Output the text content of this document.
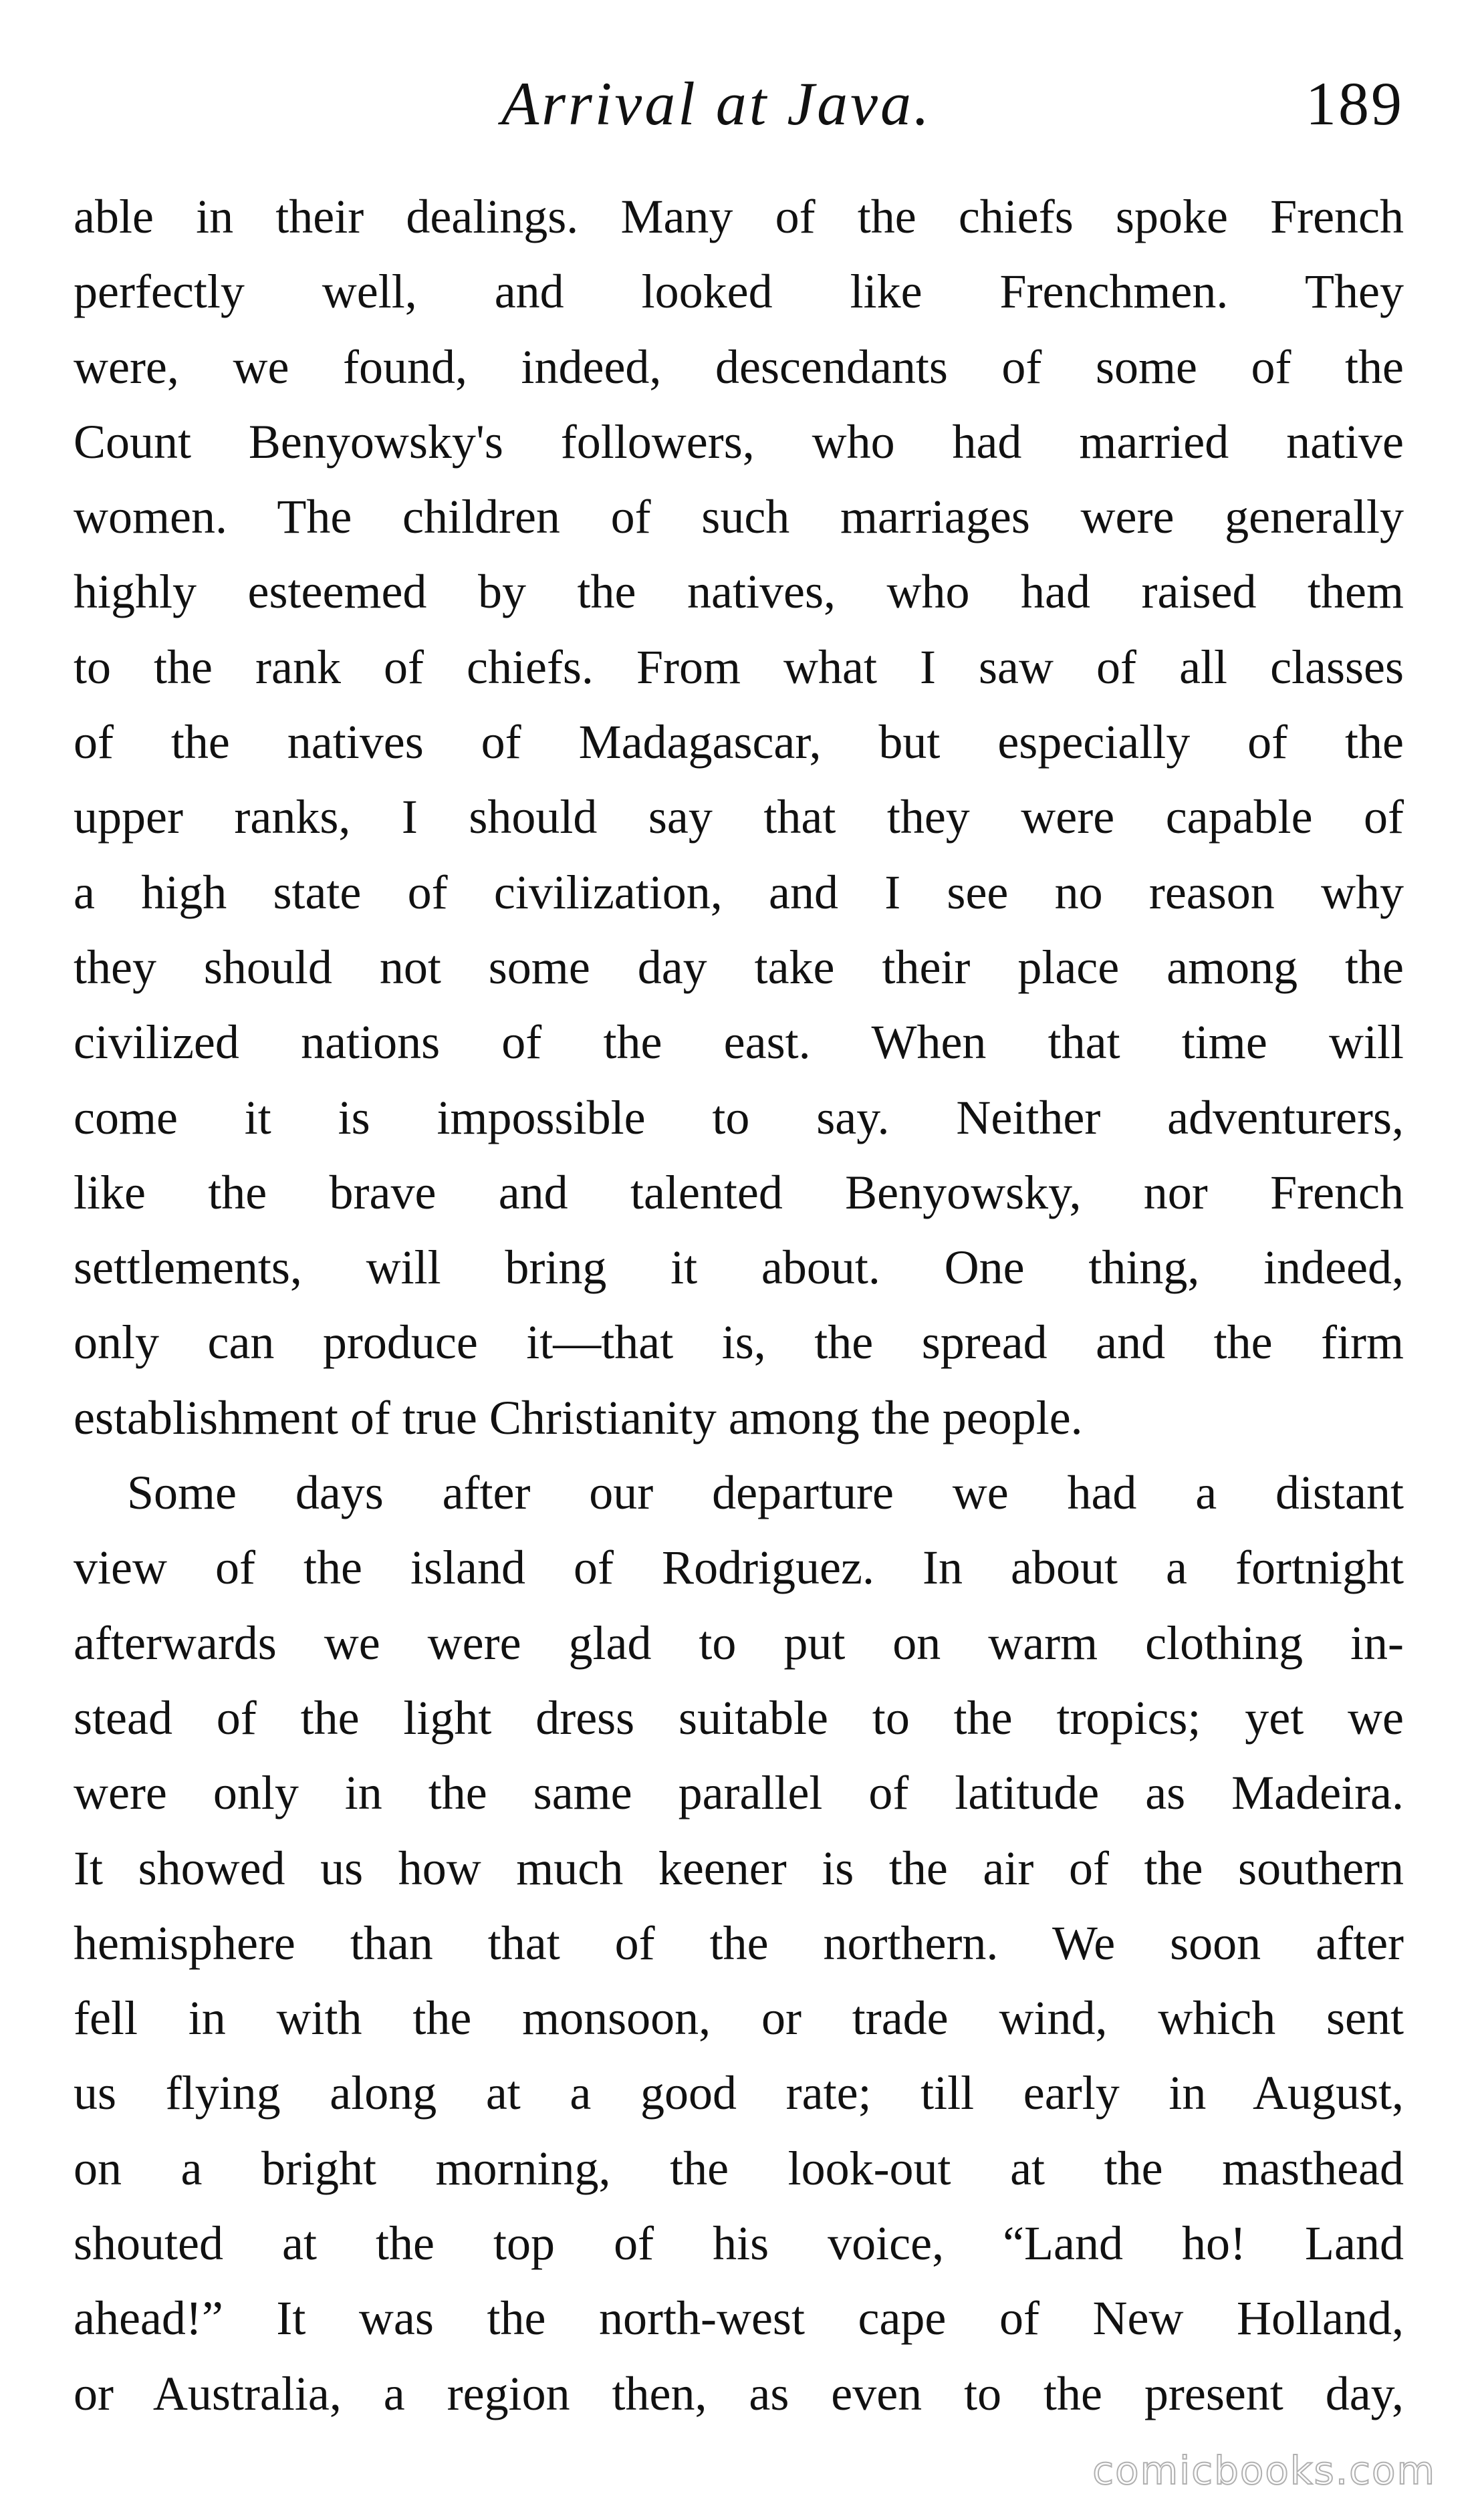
Arrival at Java.	189
able in their dealings. Many of the chiefs spoke French
perfectly well, and looked like Frenchmen. They
were, we found, indeed, descendants of some of the
Count Benyowsky's followers, who had married native
women. The children of such marriages were generally
highly esteemed by the natives, who had raised them
to the rank of chiefs. From what I saw of all classes
of the natives of Madagascar, but especially of the
upper ranks, I should say that they were capable of
a high state of civilization, and I see no reason why
they should not some day take their place among the
civilized nations of the east. When that time will
come it is impossible to say. Neither adventurers,
like the brave and talented Benyowsky, nor French
settlements, will bring it about. One thing, indeed,
only can produce it—that is, the spread and the firm
establishment of true Christianity among the people.
Some days after our departure we had a distant
view of the island of Rodriguez. In about a fortnight
afterwards we were glad to put on warm clothing in-
stead of the light dress suitable to the tropics; yet we
were only in the same parallel of latitude as Madeira.
It showed us how much keener is the air of the southern
hemisphere than that of the northern. We soon after
fell in with the monsoon, or trade wind, which sent
us flying along at a good rate; till early in August,
on a bright morning, the look-out at the masthead
shouted at the top of his voice, “Land ho! Land
ahead!” It was the north-west cape of New Holland,
or Australia, a region then, as even to the present day,
comicbooks.com
